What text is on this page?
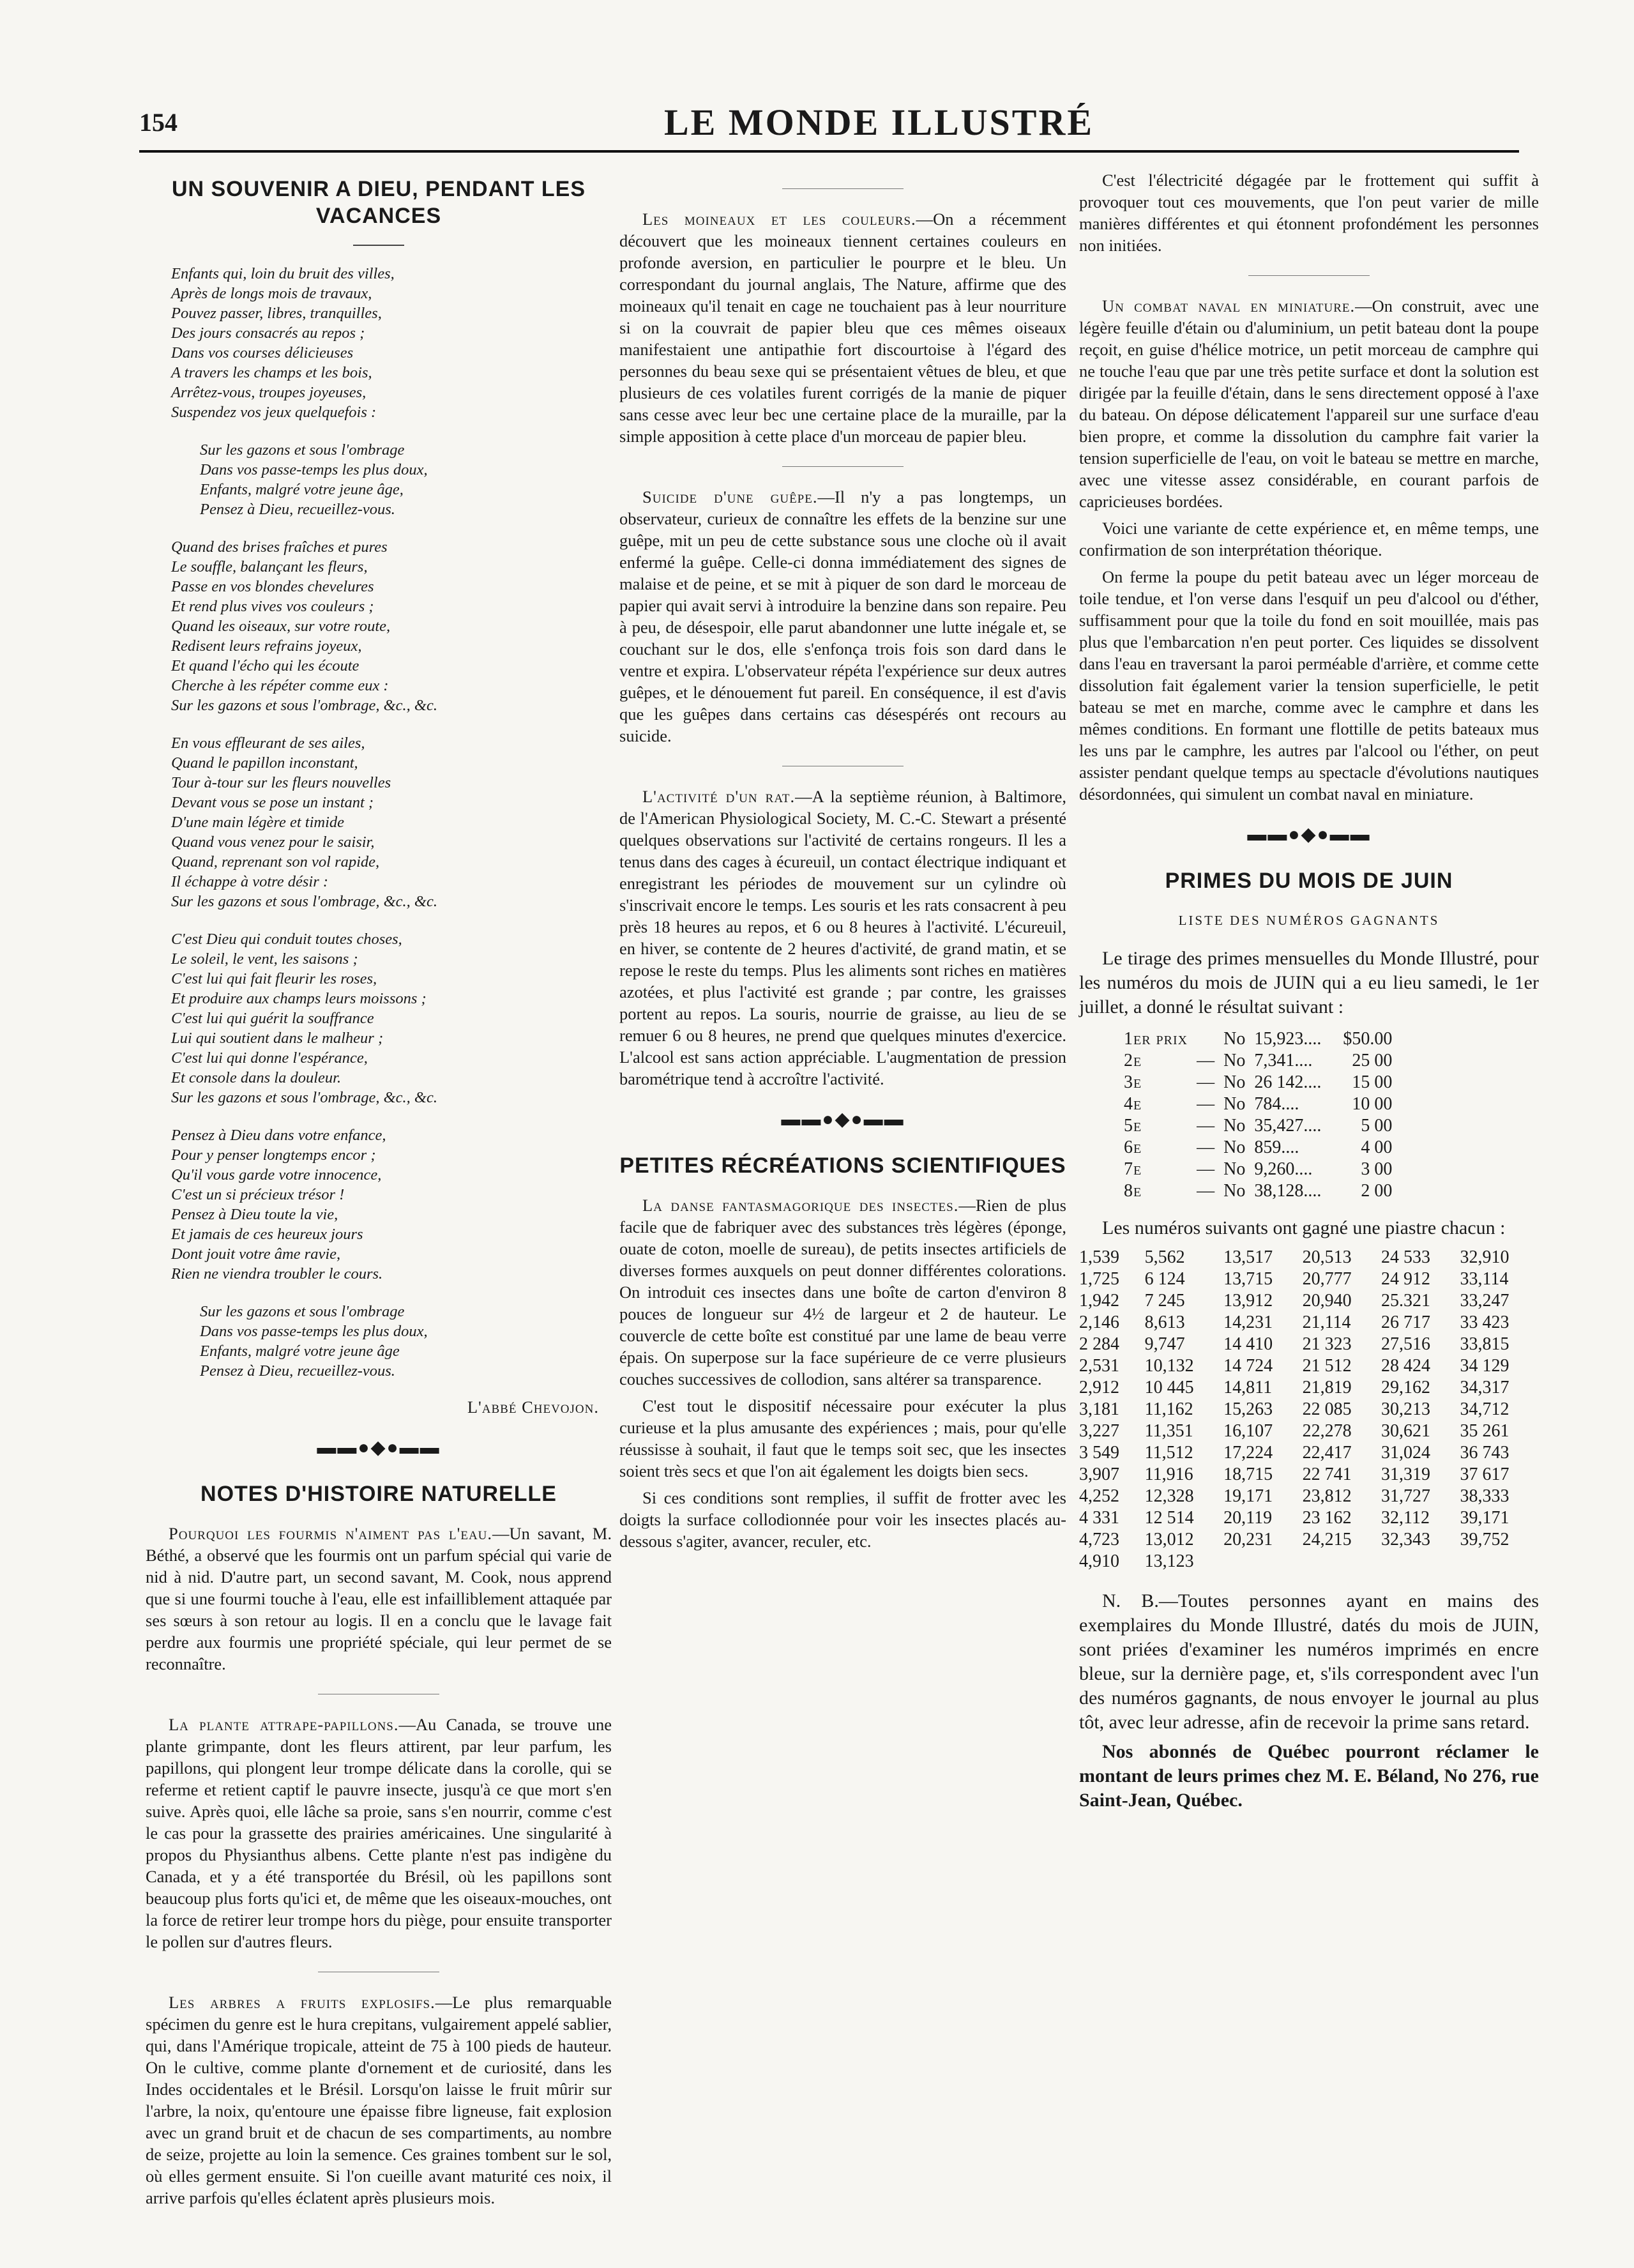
154	LE MONDE ILLUSTRÉ
UN SOUVENIR A DIEU, PENDANT LES VACANCES
Enfants qui, loin du bruit des villes,
Après de longs mois de travaux,
Pouvez passer, libres, tranquilles,
Des jours consacrés au repos ;
Dans vos courses délicieuses
A travers les champs et les bois,
Arrêtez-vous, troupes joyeuses,
Suspendez vos jeux quelquefois :
Sur les gazons et sous l'ombrage
Dans vos passe-temps les plus doux,
Enfants, malgré votre jeune âge,
Pensez à Dieu, recueillez-vous.
Quand des brises fraîches et pures
Le souffle, balançant les fleurs,
Passe en vos blondes chevelures
Et rend plus vives vos couleurs ;
Quand les oiseaux, sur votre route,
Redisent leurs refrains joyeux,
Et quand l'écho qui les écoute
Cherche à les répéter comme eux :
Sur les gazons et sous l'ombrage, &c., &c.
En vous effleurant de ses ailes,
Quand le papillon inconstant,
Tour à-tour sur les fleurs nouvelles
Devant vous se pose un instant ;
D'une main légère et timide
Quand vous venez pour le saisir,
Quand, reprenant son vol rapide,
Il échappe à votre désir :
Sur les gazons et sous l'ombrage, &c., &c.
C'est Dieu qui conduit toutes choses,
Le soleil, le vent, les saisons ;
C'est lui qui fait fleurir les roses,
Et produire aux champs leurs moissons ;
C'est lui qui guérit la souffrance
Lui qui soutient dans le malheur ;
C'est lui qui donne l'espérance,
Et console dans la douleur.
Sur les gazons et sous l'ombrage, &c., &c.
Pensez à Dieu dans votre enfance,
Pour y penser longtemps encor ;
Qu'il vous garde votre innocence,
C'est un si précieux trésor !
Pensez à Dieu toute la vie,
Et jamais de ces heureux jours
Dont jouit votre âme ravie,
Rien ne viendra troubler le cours.
Sur les gazons et sous l'ombrage
Dans vos passe-temps les plus doux,
Enfants, malgré votre jeune âge
Pensez à Dieu, recueillez-vous.
L'abbé Chevojon.
▬▬●◆●▬▬
NOTES D'HISTOIRE NATURELLE

Pourquoi les fourmis n'aiment pas l'eau.—Un savant, M. Béthé, a observé que les fourmis ont un parfum spécial qui varie de nid à nid. D'autre part, un second savant, M. Cook, nous apprend que si une fourmi touche à l'eau, elle est infailliblement attaquée par ses sœurs à son retour au logis. Il en a conclu que le lavage fait perdre aux fourmis une propriété spéciale, qui leur permet de se reconnaître.

La plante attrape-papillons.—Au Canada, se trouve une plante grimpante, dont les fleurs attirent, par leur parfum, les papillons, qui plongent leur trompe délicate dans la corolle, qui se referme et retient captif le pauvre insecte, jusqu'à ce que mort s'en suive. Après quoi, elle lâche sa proie, sans s'en nourrir, comme c'est le cas pour la grassette des prairies américaines. Une singularité à propos du Physianthus albens. Cette plante n'est pas indigène du Canada, et y a été transportée du Brésil, où les papillons sont beaucoup plus forts qu'ici et, de même que les oiseaux-mouches, ont la force de retirer leur trompe hors du piège, pour ensuite transporter le pollen sur d'autres fleurs.

Les arbres a fruits explosifs.—Le plus remarquable spécimen du genre est le hura crepitans, vulgairement appelé sablier, qui, dans l'Amérique tropicale, atteint de 75 à 100 pieds de hauteur. On le cultive, comme plante d'ornement et de curiosité, dans les Indes occidentales et le Brésil. Lorsqu'on laisse le fruit mûrir sur l'arbre, la noix, qu'entoure une épaisse fibre ligneuse, fait explosion avec un grand bruit et de chacun de ses compartiments, au nombre de seize, projette au loin la semence. Ces graines tombent sur le sol, où elles germent ensuite. Si l'on cueille avant maturité ces noix, il arrive parfois qu'elles éclatent après plusieurs mois.

Les moineaux et les couleurs.—On a récemment découvert que les moineaux tiennent certaines couleurs en profonde aversion, en particulier le pourpre et le bleu. Un correspondant du journal anglais, The Nature, affirme que des moineaux qu'il tenait en cage ne touchaient pas à leur nourriture si on la couvrait de papier bleu que ces mêmes oiseaux manifestaient une antipathie fort discourtoise à l'égard des personnes du beau sexe qui se présentaient vêtues de bleu, et que plusieurs de ces volatiles furent corrigés de la manie de piquer sans cesse avec leur bec une certaine place de la muraille, par la simple apposition à cette place d'un morceau de papier bleu.

Suicide d'une guêpe.—Il n'y a pas longtemps, un observateur, curieux de connaître les effets de la benzine sur une guêpe, mit un peu de cette substance sous une cloche où il avait enfermé la guêpe. Celle-ci donna immédiatement des signes de malaise et de peine, et se mit à piquer de son dard le morceau de papier qui avait servi à introduire la benzine dans son repaire. Peu à peu, de désespoir, elle parut abandonner une lutte inégale et, se couchant sur le dos, elle s'enfonça trois fois son dard dans le ventre et expira. L'observateur répéta l'expérience sur deux autres guêpes, et le dénouement fut pareil. En conséquence, il est d'avis que les guêpes dans certains cas désespérés ont recours au suicide.

L'activité d'un rat.—A la septième réunion, à Baltimore, de l'American Physiological Society, M. C.-C. Stewart a présenté quelques observations sur l'activité de certains rongeurs. Il les a tenus dans des cages à écureuil, un contact électrique indiquant et enregistrant les périodes de mouvement sur un cylindre où s'inscrivait encore le temps. Les souris et les rats consacrent à peu près 18 heures au repos, et 6 ou 8 heures à l'activité. L'écureuil, en hiver, se contente de 2 heures d'activité, de grand matin, et se repose le reste du temps. Plus les aliments sont riches en matières azotées, et plus l'activité est grande ; par contre, les graisses portent au repos. La souris, nourrie de graisse, au lieu de se remuer 6 ou 8 heures, ne prend que quelques minutes d'exercice. L'alcool est sans action appréciable. L'augmentation de pression barométrique tend à accroître l'activité.

▬▬●◆●▬▬
PETITES RÉCRÉATIONS SCIENTIFIQUES

La danse fantasmagorique des insectes.—Rien de plus facile que de fabriquer avec des substances très légères (éponge, ouate de coton, moelle de sureau), de petits insectes artificiels de diverses formes auxquels on peut donner différentes colorations. On introduit ces insectes dans une boîte de carton d'environ 8 pouces de longueur sur 4½ de largeur et 2 de hauteur. Le couvercle de cette boîte est constitué par une lame de beau verre épais. On superpose sur la face supérieure de ce verre plusieurs couches successives de collodion, sans altérer sa transparence.

C'est tout le dispositif nécessaire pour exécuter la plus curieuse et la plus amusante des expériences ; mais, pour qu'elle réussisse à souhait, il faut que le temps soit sec, que les insectes soient très secs et que l'on ait également les doigts bien secs.

Si ces conditions sont remplies, il suffit de frotter avec les doigts la surface collodionnée pour voir les insectes placés au-dessous s'agiter, avancer, reculer, etc.

C'est l'électricité dégagée par le frottement qui suffit à provoquer tout ces mouvements, que l'on peut varier de mille manières différentes et qui étonnent profondément les personnes non initiées.

Un combat naval en miniature.—On construit, avec une légère feuille d'étain ou d'aluminium, un petit bateau dont la poupe reçoit, en guise d'hélice motrice, un petit morceau de camphre qui ne touche l'eau que par une très petite surface et dont la solution est dirigée par la feuille d'étain, dans le sens directement opposé à l'axe du bateau. On dépose délicatement l'appareil sur une surface d'eau bien propre, et comme la dissolution du camphre fait varier la tension superficielle de l'eau, on voit le bateau se mettre en marche, avec une vitesse assez considérable, en courant parfois de capricieuses bordées.

Voici une variante de cette expérience et, en même temps, une confirmation de son interprétation théorique.

On ferme la poupe du petit bateau avec un léger morceau de toile tendue, et l'on verse dans l'esquif un peu d'alcool ou d'éther, suffisamment pour que la toile du fond en soit mouillée, mais pas plus que l'embarcation n'en peut porter. Ces liquides se dissolvent dans l'eau en traversant la paroi perméable d'arrière, et comme cette dissolution fait également varier la tension superficielle, le petit bateau se met en marche, comme avec le camphre et dans les mêmes conditions. En formant une flottille de petits bateaux mus les uns par le camphre, les autres par l'alcool ou l'éther, on peut assister pendant quelque temps au spectacle d'évolutions nautiques désordonnées, qui simulent un combat naval en miniature.

▬▬●◆●▬▬
PRIMES DU MOIS DE JUIN
LISTE DES NUMÉROS GAGNANTS

Le tirage des primes mensuelles du Monde Illustré, pour les numéros du mois de JUIN qui a eu lieu samedi, le 1er juillet, a donné le résultat suivant :

1er prix		No	15,923....	$50.00
2e	—	No	7,341....	25 00
3e	—	No	26 142....	15 00
4e	—	No	784....	10 00
5e	—	No	35,427....	5 00
6e	—	No	859....	4 00
7e	—	No	9,260....	3 00
8e	—	No	38,128....	2 00

Les numéros suivants ont gagné une piastre chacun :

1,539	5,562	13,517	20,513	24 533	32,910
1,725	6 124	13,715	20,777	24 912	33,114
1,942	7 245	13,912	20,940	25.321	33,247
2,146	8,613	14,231	21,114	26 717	33 423
2 284	9,747	14 410	21 323	27,516	33,815
2,531	10,132	14 724	21 512	28 424	34 129
2,912	10 445	14,811	21,819	29,162	34,317
3,181	11,162	15,263	22 085	30,213	34,712
3,227	11,351	16,107	22,278	30,621	35 261
3 549	11,512	17,224	22,417	31,024	36 743
3,907	11,916	18,715	22 741	31,319	37 617
4,252	12,328	19,171	23,812	31,727	38,333
4 331	12 514	20,119	23 162	32,112	39,171
4,723	13,012	20,231	24,215	32,343	39,752
4,910	13,123				

N. B.—Toutes personnes ayant en mains des exemplaires du Monde Illustré, datés du mois de JUIN, sont priées d'examiner les numéros imprimés en encre bleue, sur la dernière page, et, s'ils correspondent avec l'un des numéros gagnants, de nous envoyer le journal au plus tôt, avec leur adresse, afin de recevoir la prime sans retard.

Nos abonnés de Québec pourront réclamer le montant de leurs primes chez M. E. Béland, No 276, rue Saint-Jean, Québec.
